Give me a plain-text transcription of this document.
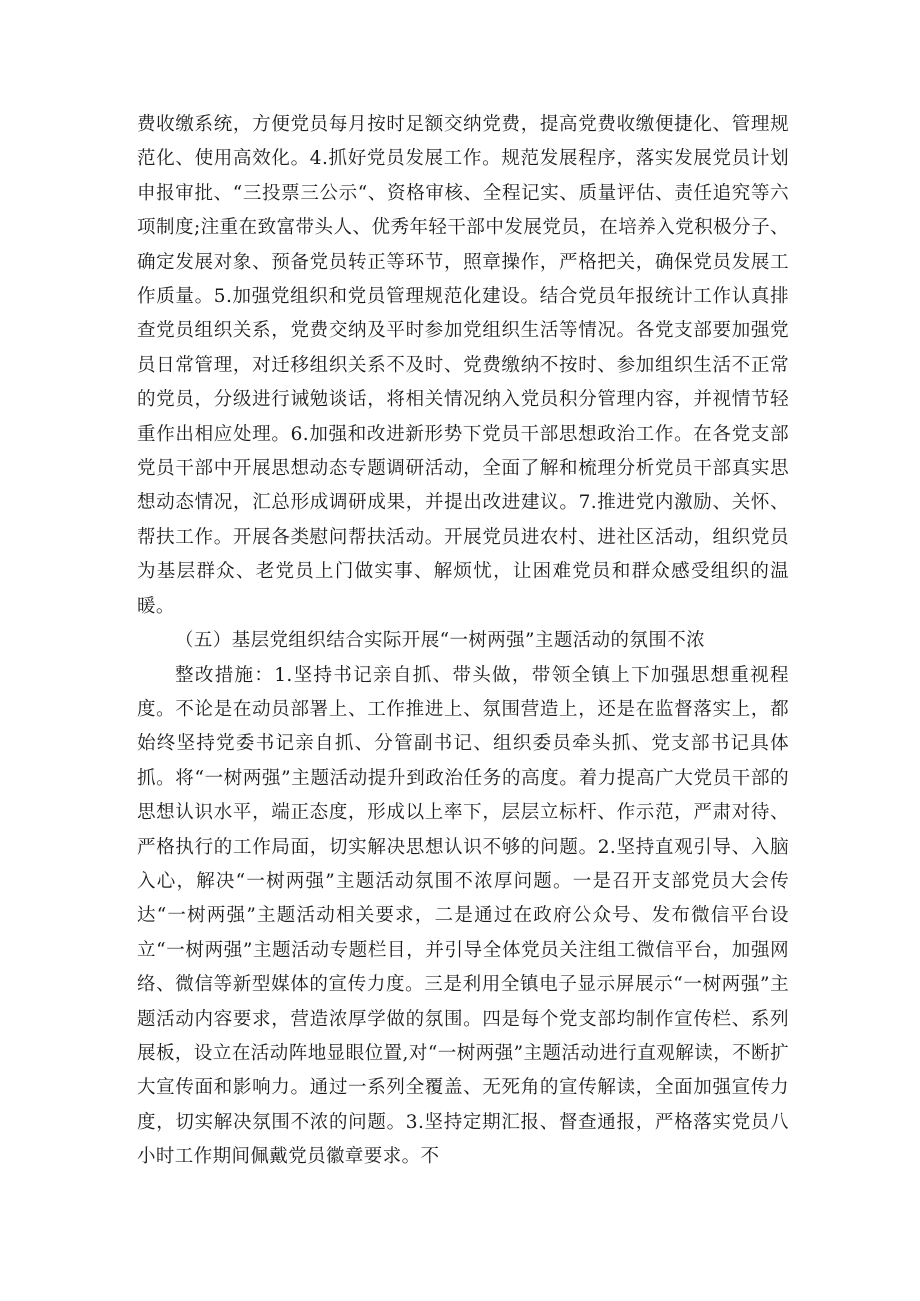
费收缴系统，方便党员每月按时足额交纳党费，提高党费收缴便捷化、管理规范化、使用高效化。4.抓好党员发展工作。规范发展程序，落实发展党员计划申报审批、“三投票三公示“、资格审核、全程记实、质量评估、责任追究等六项制度;注重在致富带头人、优秀年轻干部中发展党员，在培养入党积极分子、确定发展对象、预备党员转正等环节，照章操作，严格把关，确保党员发展工作质量。5.加强党组织和党员管理规范化建设。结合党员年报统计工作认真排查党员组织关系，党费交纳及平时参加党组织生活等情况。各党支部要加强党员日常管理，对迁移组织关系不及时、党费缴纳不按时、参加组织生活不正常的党员，分级进行诫勉谈话，将相关情况纳入党员积分管理内容，并视情节轻重作出相应处理。6.加强和改进新形势下党员干部思想政治工作。在各党支部党员干部中开展思想动态专题调研活动，全面了解和梳理分析党员干部真实思想动态情况，汇总形成调研成果，并提出改进建议。7.推进党内激励、关怀、帮扶工作。开展各类慰问帮扶活动。开展党员进农村、进社区活动，组织党员为基层群众、老党员上门做实事、解烦忧，让困难党员和群众感受组织的温暖。

（五）基层党组织结合实际开展“一树两强”主题活动的氛围不浓

整改措施：1.坚持书记亲自抓、带头做，带领全镇上下加强思想重视程度。不论是在动员部署上、工作推进上、氛围营造上，还是在监督落实上，都始终坚持党委书记亲自抓、分管副书记、组织委员牵头抓、党支部书记具体抓。将“一树两强”主题活动提升到政治任务的高度。着力提高广大党员干部的思想认识水平，端正态度，形成以上率下，层层立标杆、作示范，严肃对待、严格执行的工作局面，切实解决思想认识不够的问题。2.坚持直观引导、入脑入心，解决“一树两强”主题活动氛围不浓厚问题。一是召开支部党员大会传达“一树两强”主题活动相关要求，二是通过在政府公众号、发布微信平台设立“一树两强”主题活动专题栏目，并引导全体党员关注组工微信平台，加强网络、微信等新型媒体的宣传力度。三是利用全镇电子显示屏展示“一树两强”主题活动内容要求，营造浓厚学做的氛围。四是每个党支部均制作宣传栏、系列展板，设立在活动阵地显眼位置,对“一树两强”主题活动进行直观解读，不断扩大宣传面和影响力。通过一系列全覆盖、无死角的宣传解读，全面加强宣传力度，切实解决氛围不浓的问题。3.坚持定期汇报、督查通报，严格落实党员八小时工作期间佩戴党员徽章要求。不
